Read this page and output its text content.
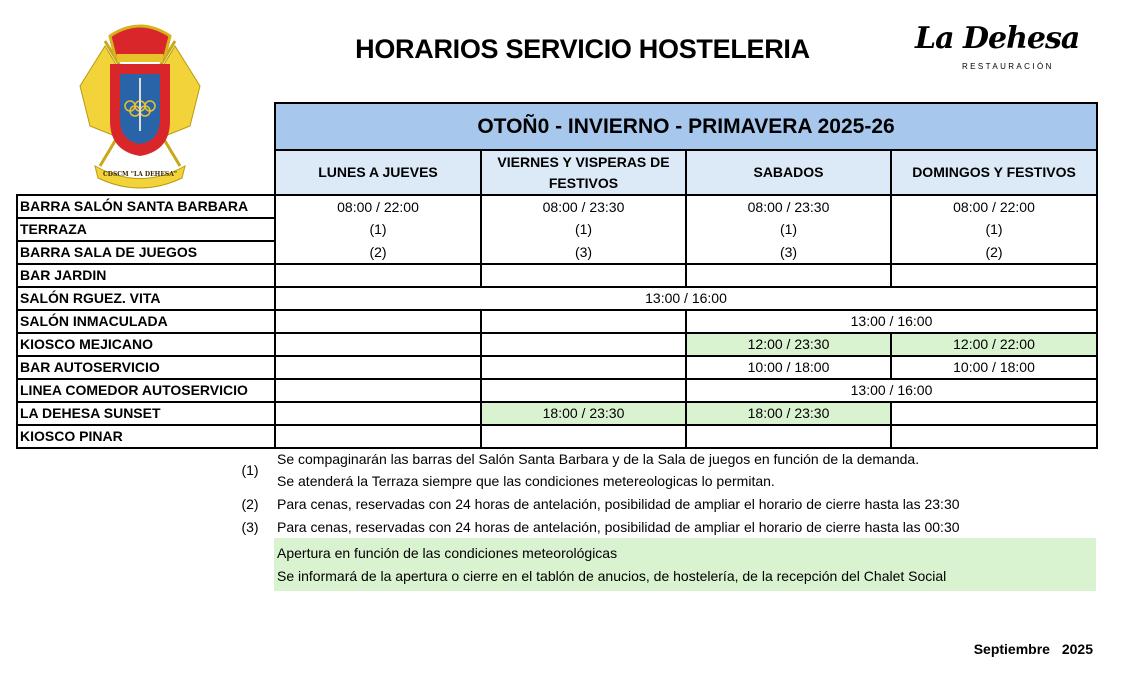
CDSCM "LA DEHESA"
HORARIOS SERVICIO HOSTELERIA	La Dehesa
RESTAURACIÓN
	OTOÑ0 - INVIERNO - PRIMAVERA 2025-26			
	LUNES A JUEVES	VIERNES Y VISPERAS DE FESTIVOS	SABADOS	DOMINGOS Y FESTIVOS
BARRA SALÓN SANTA BARBARA	08:00 / 22:00	08:00 / 23:30	08:00 / 23:30	08:00 / 22:00
TERRAZA	(1)	(1)	(1)	(1)
BARRA SALA DE JUEGOS	(2)	(3)	(3)	(2)
BAR JARDIN				
SALÓN RGUEZ. VITA	13:00 / 16:00			
SALÓN INMACULADA			13:00 / 16:00	
KIOSCO MEJICANO			12:00 / 23:30	12:00 / 22:00
BAR AUTOSERVICIO			10:00 / 18:00	10:00 / 18:00
LINEA COMEDOR AUTOSERVICIO			13:00 / 16:00	
LA DEHESA SUNSET		18:00 / 23:30	18:00 / 23:30	
KIOSCO PINAR				
(1)
Se compaginarán las barras del Salón Santa Barbara y de la Sala de juegos en función de la demanda.
Se atenderá la Terraza siempre que las condiciones metereologicas lo permitan.
(2) Para cenas, reservadas con 24 horas de antelación, posibilidad de ampliar el horario de cierre hasta las 23:30
(3) Para cenas, reservadas con 24 horas de antelación, posibilidad de ampliar el horario de cierre hasta las 00:30
Apertura en función de las condiciones meteorológicas
Se informará de la apertura o cierre en el tablón de anucios, de hostelería, de la recepción del Chalet Social
Septiembre 2025
